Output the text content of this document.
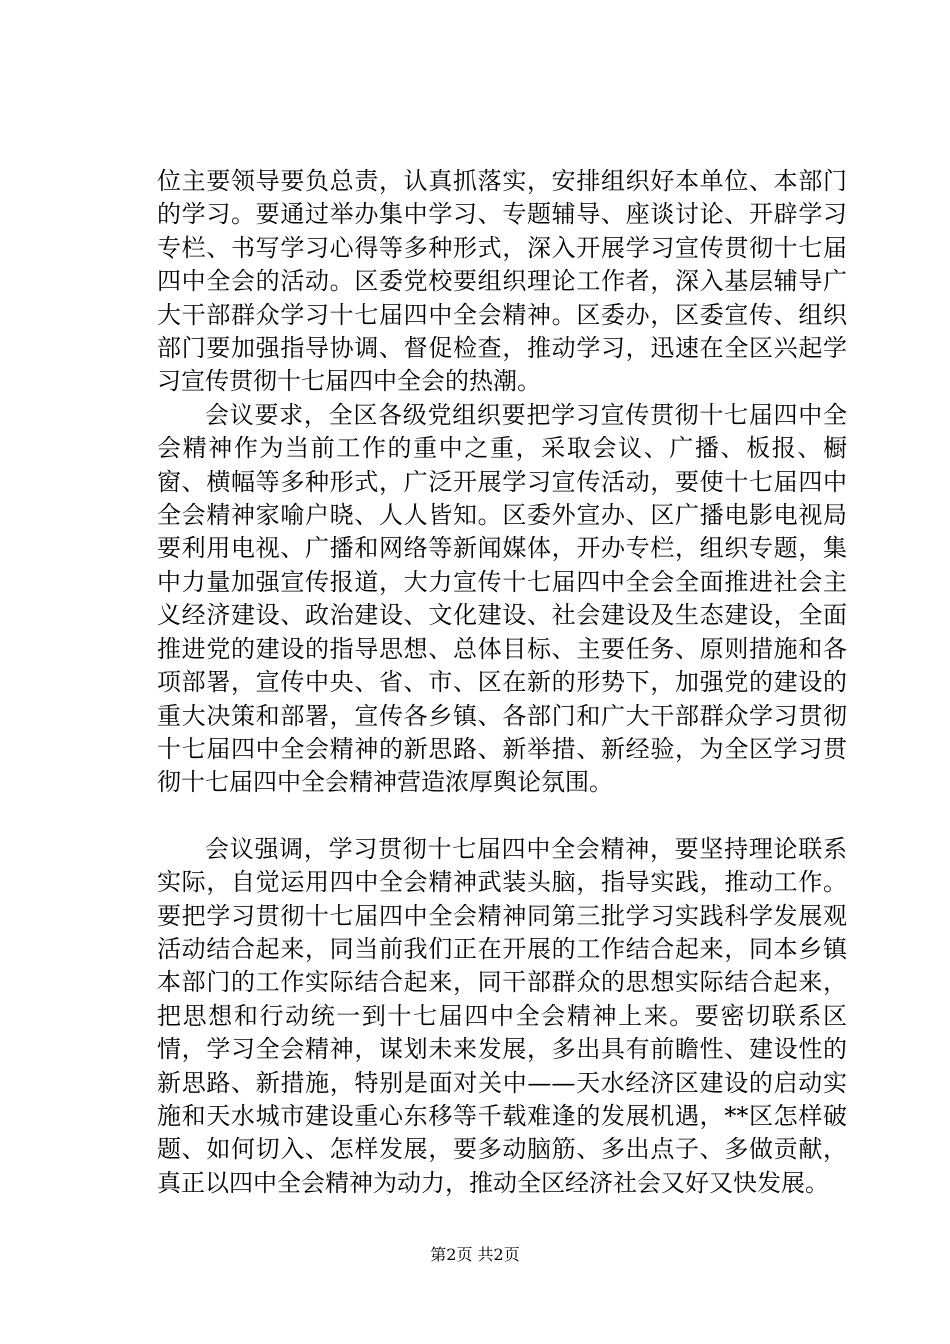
位主要领导要负总责，认真抓落实，安排组织好本单位、本部门的学习。要通过举办集中学习、专题辅导、座谈讨论、开辟学习专栏、书写学习心得等多种形式，深入开展学习宣传贯彻十七届四中全会的活动。区委党校要组织理论工作者，深入基层辅导广大干部群众学习十七届四中全会精神。区委办，区委宣传、组织部门要加强指导协调、督促检查，推动学习，迅速在全区兴起学习宣传贯彻十七届四中全会的热潮。

会议要求，全区各级党组织要把学习宣传贯彻十七届四中全会精神作为当前工作的重中之重，采取会议、广播、板报、橱窗、横幅等多种形式，广泛开展学习宣传活动，要使十七届四中全会精神家喻户晓、人人皆知。区委外宣办、区广播电影电视局要利用电视、广播和网络等新闻媒体，开办专栏，组织专题，集中力量加强宣传报道，大力宣传十七届四中全会全面推进社会主义经济建设、政治建设、文化建设、社会建设及生态建设，全面推进党的建设的指导思想、总体目标、主要任务、原则措施和各项部署，宣传中央、省、市、区在新的形势下，加强党的建设的重大决策和部署，宣传各乡镇、各部门和广大干部群众学习贯彻十七届四中全会精神的新思路、新举措、新经验，为全区学习贯彻十七届四中全会精神营造浓厚舆论氛围。

会议强调，学习贯彻十七届四中全会精神，要坚持理论联系实际，自觉运用四中全会精神武装头脑，指导实践，推动工作。要把学习贯彻十七届四中全会精神同第三批学习实践科学发展观活动结合起来，同当前我们正在开展的工作结合起来，同本乡镇本部门的工作实际结合起来，同干部群众的思想实际结合起来，把思想和行动统一到十七届四中全会精神上来。要密切联系区情，学习全会精神，谋划未来发展，多出具有前瞻性、建设性的新思路、新措施，特别是面对关中——天水经济区建设的启动实施和天水城市建设重心东移等千载难逢的发展机遇，**区怎样破题、如何切入、怎样发展，要多动脑筋、多出点子、多做贡献，真正以四中全会精神为动力，推动全区经济社会又好又快发展。

第2页 共2页
